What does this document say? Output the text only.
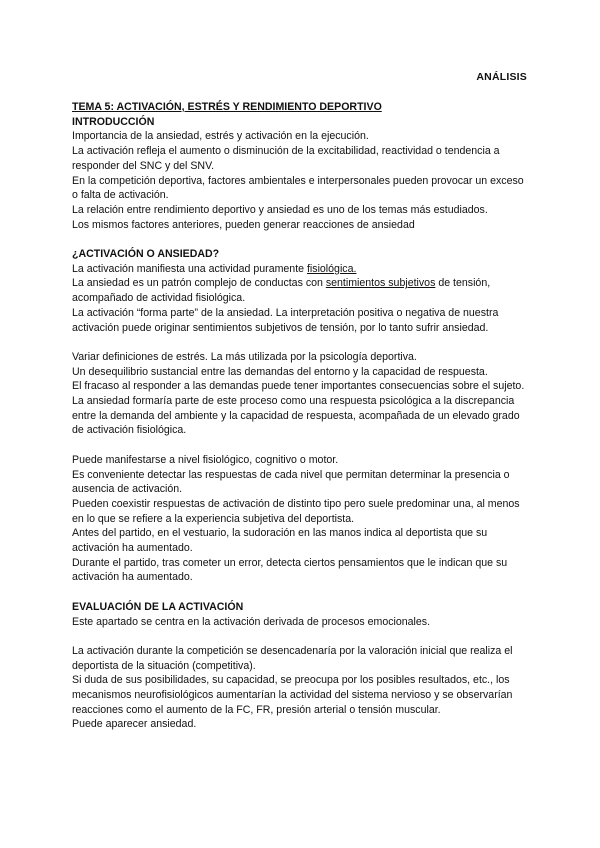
ANÁLISIS

TEMA 5: ACTIVACIÓN, ESTRÉS Y RENDIMIENTO DEPORTIVO

INTRODUCCIÓN

Importancia de la ansiedad, estrés y activación en la ejecución.

La activación refleja el aumento o disminución de la excitabilidad, reactividad o tendencia a responder del SNC y del SNV.

En la competición deportiva, factores ambientales e interpersonales pueden provocar un exceso o falta de activación.

La relación entre rendimiento deportivo y ansiedad es uno de los temas más estudiados.

Los mismos factores anteriores, pueden generar reacciones de ansiedad

¿ACTIVACIÓN O ANSIEDAD?

La activación manifiesta una actividad puramente fisiológica.

La ansiedad es un patrón complejo de conductas con sentimientos subjetivos de tensión, acompañado de actividad fisiológica.

La activación “forma parte” de la ansiedad. La interpretación positiva o negativa de nuestra activación puede originar sentimientos subjetivos de tensión, por lo tanto sufrir ansiedad.

Variar definiciones de estrés. La más utilizada por la psicología deportiva.

Un desequilibrio sustancial entre las demandas del entorno y la capacidad de respuesta.

El fracaso al responder a las demandas puede tener importantes consecuencias sobre el sujeto.

La ansiedad formaría parte de este proceso como una respuesta psicológica a la discrepancia entre la demanda del ambiente y la capacidad de respuesta, acompañada de un elevado grado de activación fisiológica.

Puede manifestarse a nivel fisiológico, cognitivo o motor.

Es conveniente detectar las respuestas de cada nivel que permitan determinar la presencia o ausencia de activación.

Pueden coexistir respuestas de activación de distinto tipo pero suele predominar una, al menos en lo que se refiere a la experiencia subjetiva del deportista.

Antes del partido, en el vestuario, la sudoración en las manos indica al deportista que su activación ha aumentado.

Durante el partido, tras cometer un error, detecta ciertos pensamientos que le indican que su activación ha aumentado.

EVALUACIÓN DE LA ACTIVACIÓN

Este apartado se centra en la activación derivada de procesos emocionales.

La activación durante la competición se desencadenaría por la valoración inicial que realiza el deportista de la situación (competitiva).

Si duda de sus posibilidades, su capacidad, se preocupa por los posibles resultados, etc., los mecanismos neurofisiológicos aumentarían la actividad del sistema nervioso y se observarían reacciones como el aumento de la FC, FR, presión arterial o tensión muscular.

Puede aparecer ansiedad.
